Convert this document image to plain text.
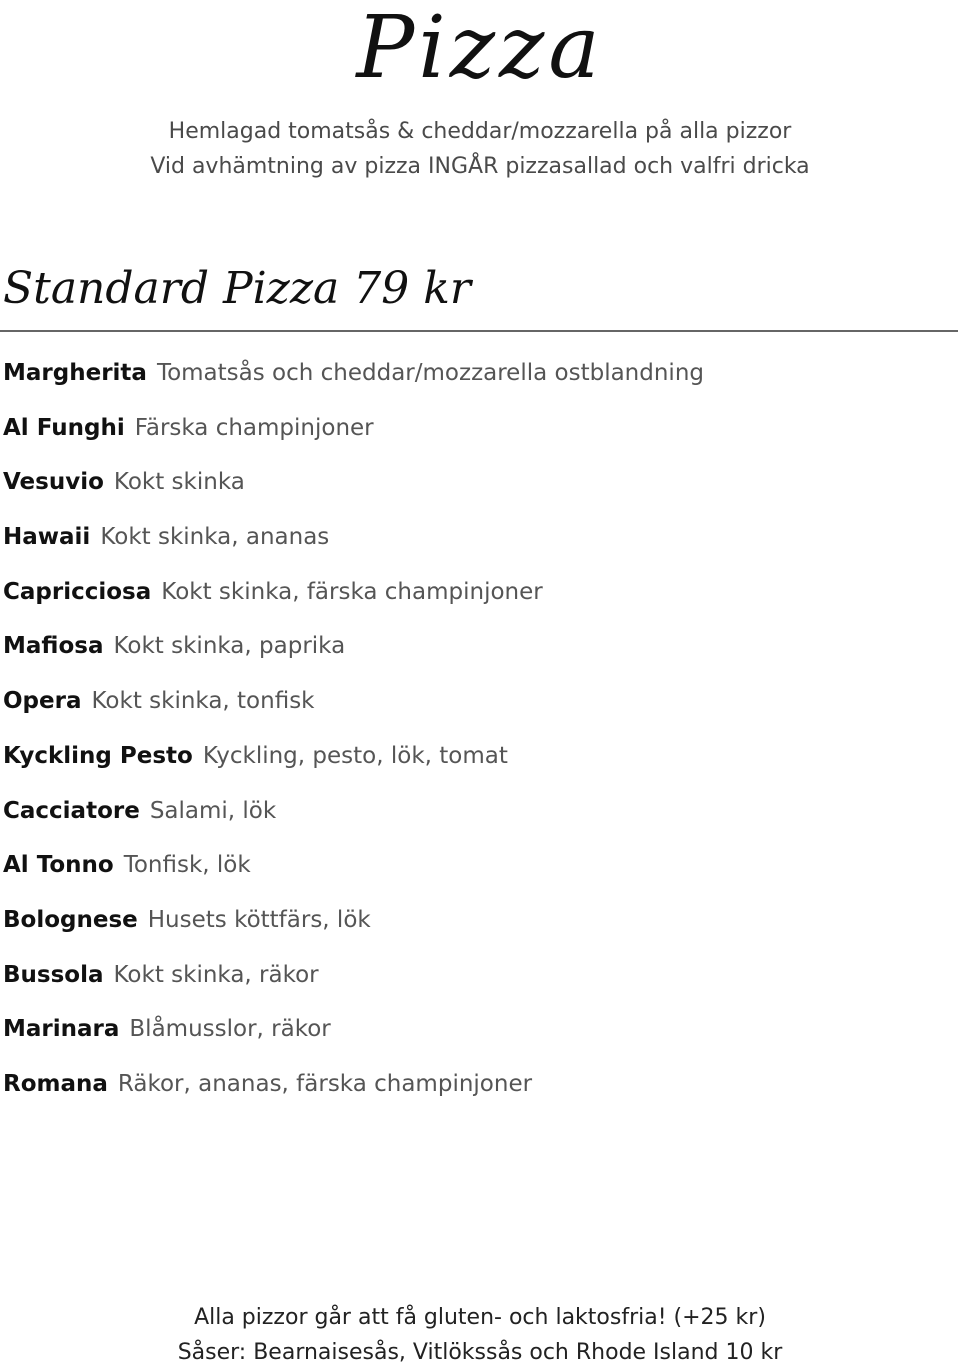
Pizza
Hemlagad tomatsås & cheddar/mozzarella på alla pizzor
Vid avhämtning av pizza INGÅR pizzasallad och valfri dricka
Standard Pizza 79 kr
Margherita Tomatsås och cheddar/mozzarella ostblandning
Al Funghi Färska champinjoner
Vesuvio Kokt skinka
Hawaii Kokt skinka, ananas
Capricciosa Kokt skinka, färska champinjoner
Mafiosa Kokt skinka, paprika
Opera Kokt skinka, tonfisk
Kyckling Pesto Kyckling, pesto, lök, tomat
Cacciatore Salami, lök
Al Tonno Tonfisk, lök
Bolognese Husets köttfärs, lök
Bussola Kokt skinka, räkor
Marinara Blåmusslor, räkor
Romana Räkor, ananas, färska champinjoner
Alla pizzor går att få gluten- och laktosfria! (+25 kr)
Såser: Bearnaisesås, Vitlökssås och Rhode Island 10 kr
